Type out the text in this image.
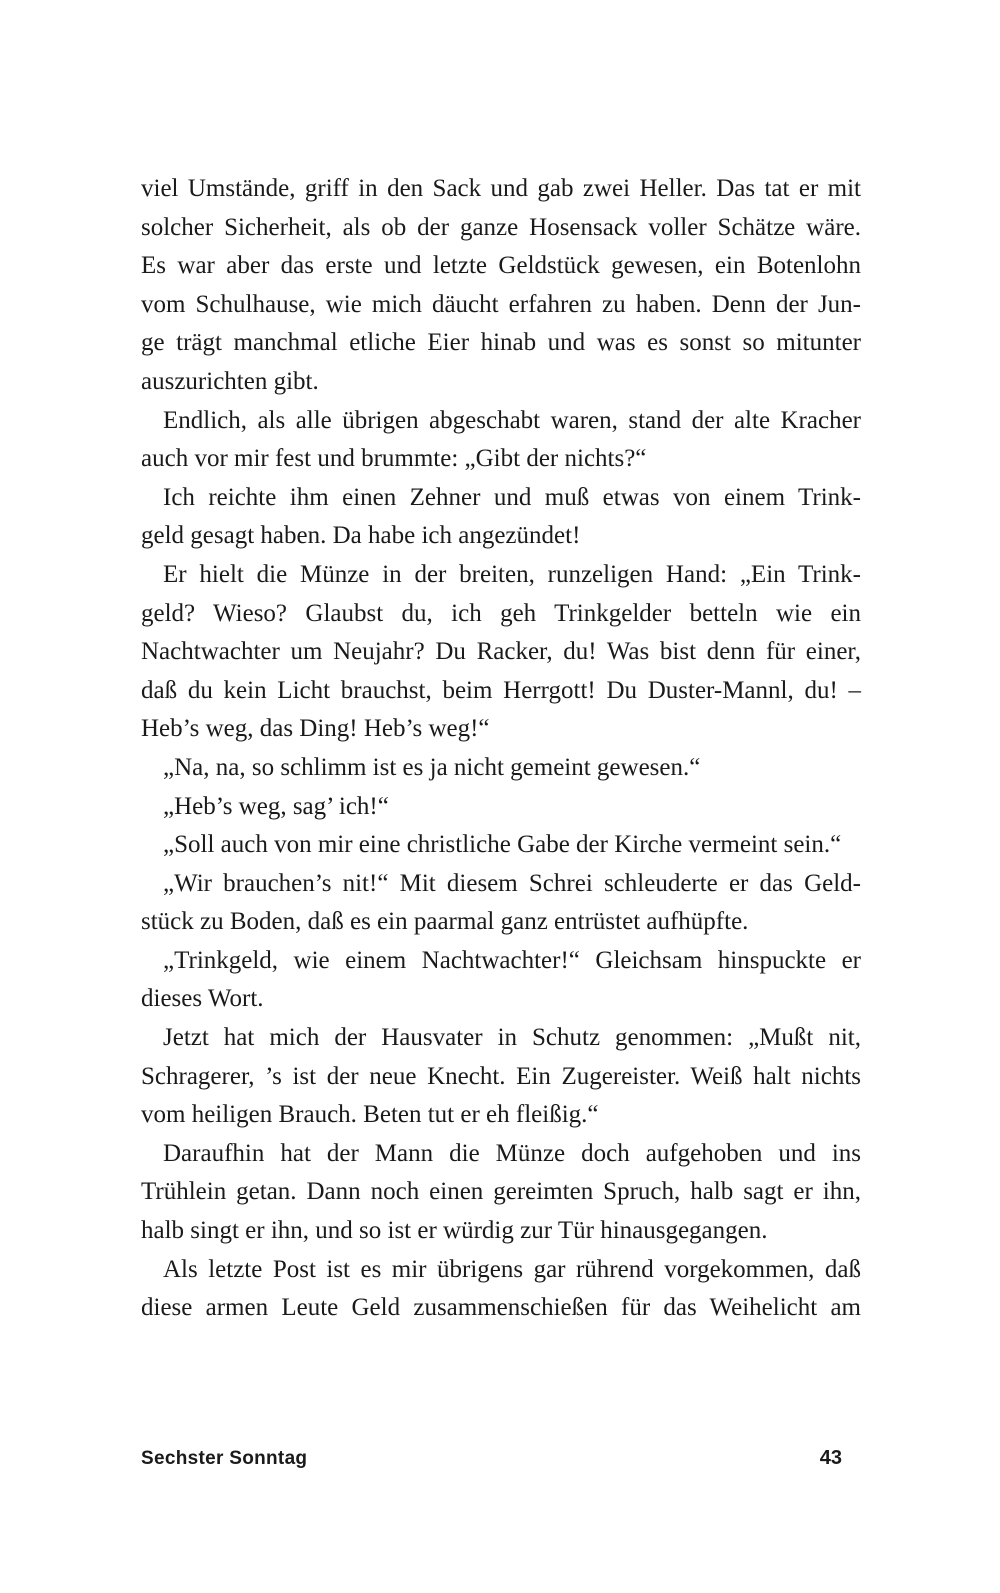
viel Umstände, griff in den Sack und gab zwei Heller. Das tat er mit
solcher Sicherheit, als ob der ganze Hosensack voller Schätze wäre.
Es war aber das erste und letzte Geldstück gewesen, ein Botenlohn
vom Schulhause, wie mich däucht erfahren zu haben. Denn der Jun-
ge trägt manchmal etliche Eier hinab und was es sonst so mitunter
auszurichten gibt.
Endlich, als alle übrigen abgeschabt waren, stand der alte Kracher
auch vor mir fest und brummte: „Gibt der nichts?“
Ich reichte ihm einen Zehner und muß etwas von einem Trink-
geld gesagt haben. Da habe ich angezündet!
Er hielt die Münze in der breiten, runzeligen Hand: „Ein Trink-
geld? Wieso? Glaubst du, ich geh Trinkgelder betteln wie ein
Nachtwachter um Neujahr? Du Racker, du! Was bist denn für einer,
daß du kein Licht brauchst, beim Herrgott! Du Duster-Mannl, du! –
Heb’s weg, das Ding! Heb’s weg!“
„Na, na, so schlimm ist es ja nicht gemeint gewesen.“
„Heb’s weg, sag’ ich!“
„Soll auch von mir eine christliche Gabe der Kirche vermeint sein.“
„Wir brauchen’s nit!“ Mit diesem Schrei schleuderte er das Geld-
stück zu Boden, daß es ein paarmal ganz entrüstet aufhüpfte.
„Trinkgeld, wie einem Nachtwachter!“ Gleichsam hinspuckte er
dieses Wort.
Jetzt hat mich der Hausvater in Schutz genommen: „Mußt nit,
Schragerer, ’s ist der neue Knecht. Ein Zugereister. Weiß halt nichts
vom heiligen Brauch. Beten tut er eh fleißig.“
Daraufhin hat der Mann die Münze doch aufgehoben und ins
Trühlein getan. Dann noch einen gereimten Spruch, halb sagt er ihn,
halb singt er ihn, und so ist er würdig zur Tür hinausgegangen.
Als letzte Post ist es mir übrigens gar rührend vorgekommen, daß
diese armen Leute Geld zusammenschießen für das Weihelicht am
Sechster Sonntag	43
